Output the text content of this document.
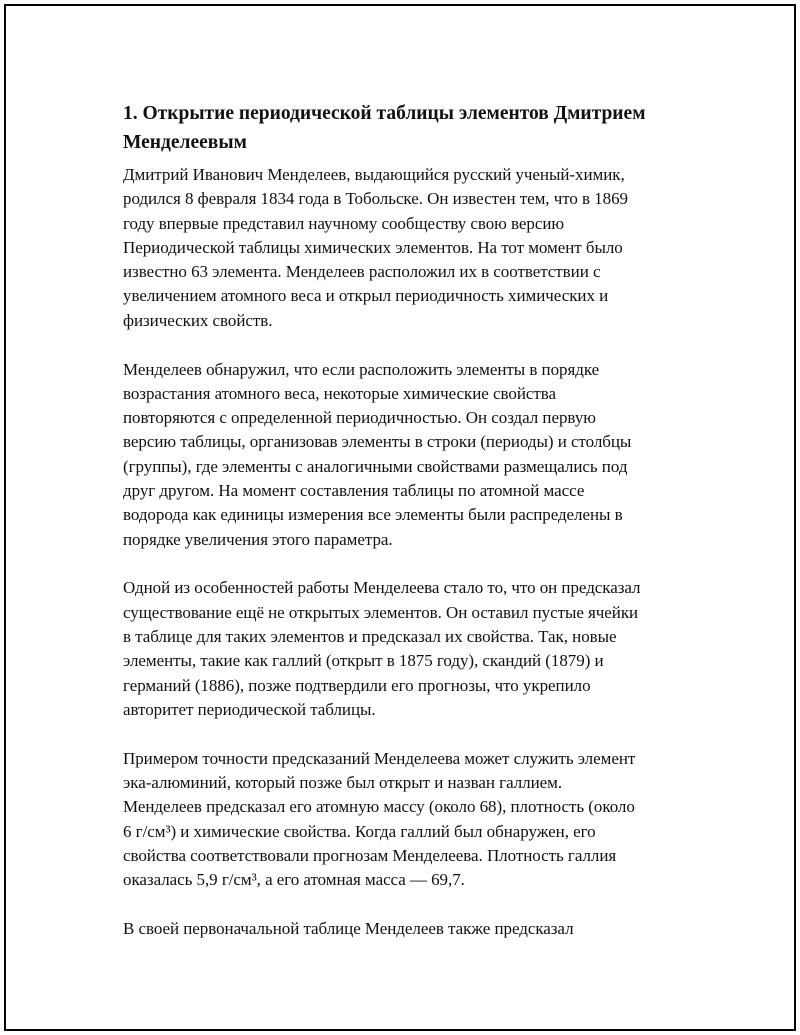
1. Открытие периодической таблицы элементов Дмитрием
Менделеевым

Дмитрий Иванович Менделеев, выдающийся русский ученый-химик,
родился 8 февраля 1834 года в Тобольске. Он известен тем, что в 1869
году впервые представил научному сообществу свою версию
Периодической таблицы химических элементов. На тот момент было
известно 63 элемента. Менделеев расположил их в соответствии с
увеличением атомного веса и открыл периодичность химических и
физических свойств.

Менделеев обнаружил, что если расположить элементы в порядке
возрастания атомного веса, некоторые химические свойства
повторяются с определенной периодичностью. Он создал первую
версию таблицы, организовав элементы в строки (периоды) и столбцы
(группы), где элементы с аналогичными свойствами размещались под
друг другом. На момент составления таблицы по атомной массе
водорода как единицы измерения все элементы были распределены в
порядке увеличения этого параметра.

Одной из особенностей работы Менделеева стало то, что он предсказал
существование ещё не открытых элементов. Он оставил пустые ячейки
в таблице для таких элементов и предсказал их свойства. Так, новые
элементы, такие как галлий (открыт в 1875 году), скандий (1879) и
германий (1886), позже подтвердили его прогнозы, что укрепило
авторитет периодической таблицы.

Примером точности предсказаний Менделеева может служить элемент
эка-алюминий, который позже был открыт и назван галлием.
Менделеев предсказал его атомную массу (около 68), плотность (около
6 г/см³) и химические свойства. Когда галлий был обнаружен, его
свойства соответствовали прогнозам Менделеева. Плотность галлия
оказалась 5,9 г/см³, а его атомная масса — 69,7.

В своей первоначальной таблице Менделеев также предсказал
